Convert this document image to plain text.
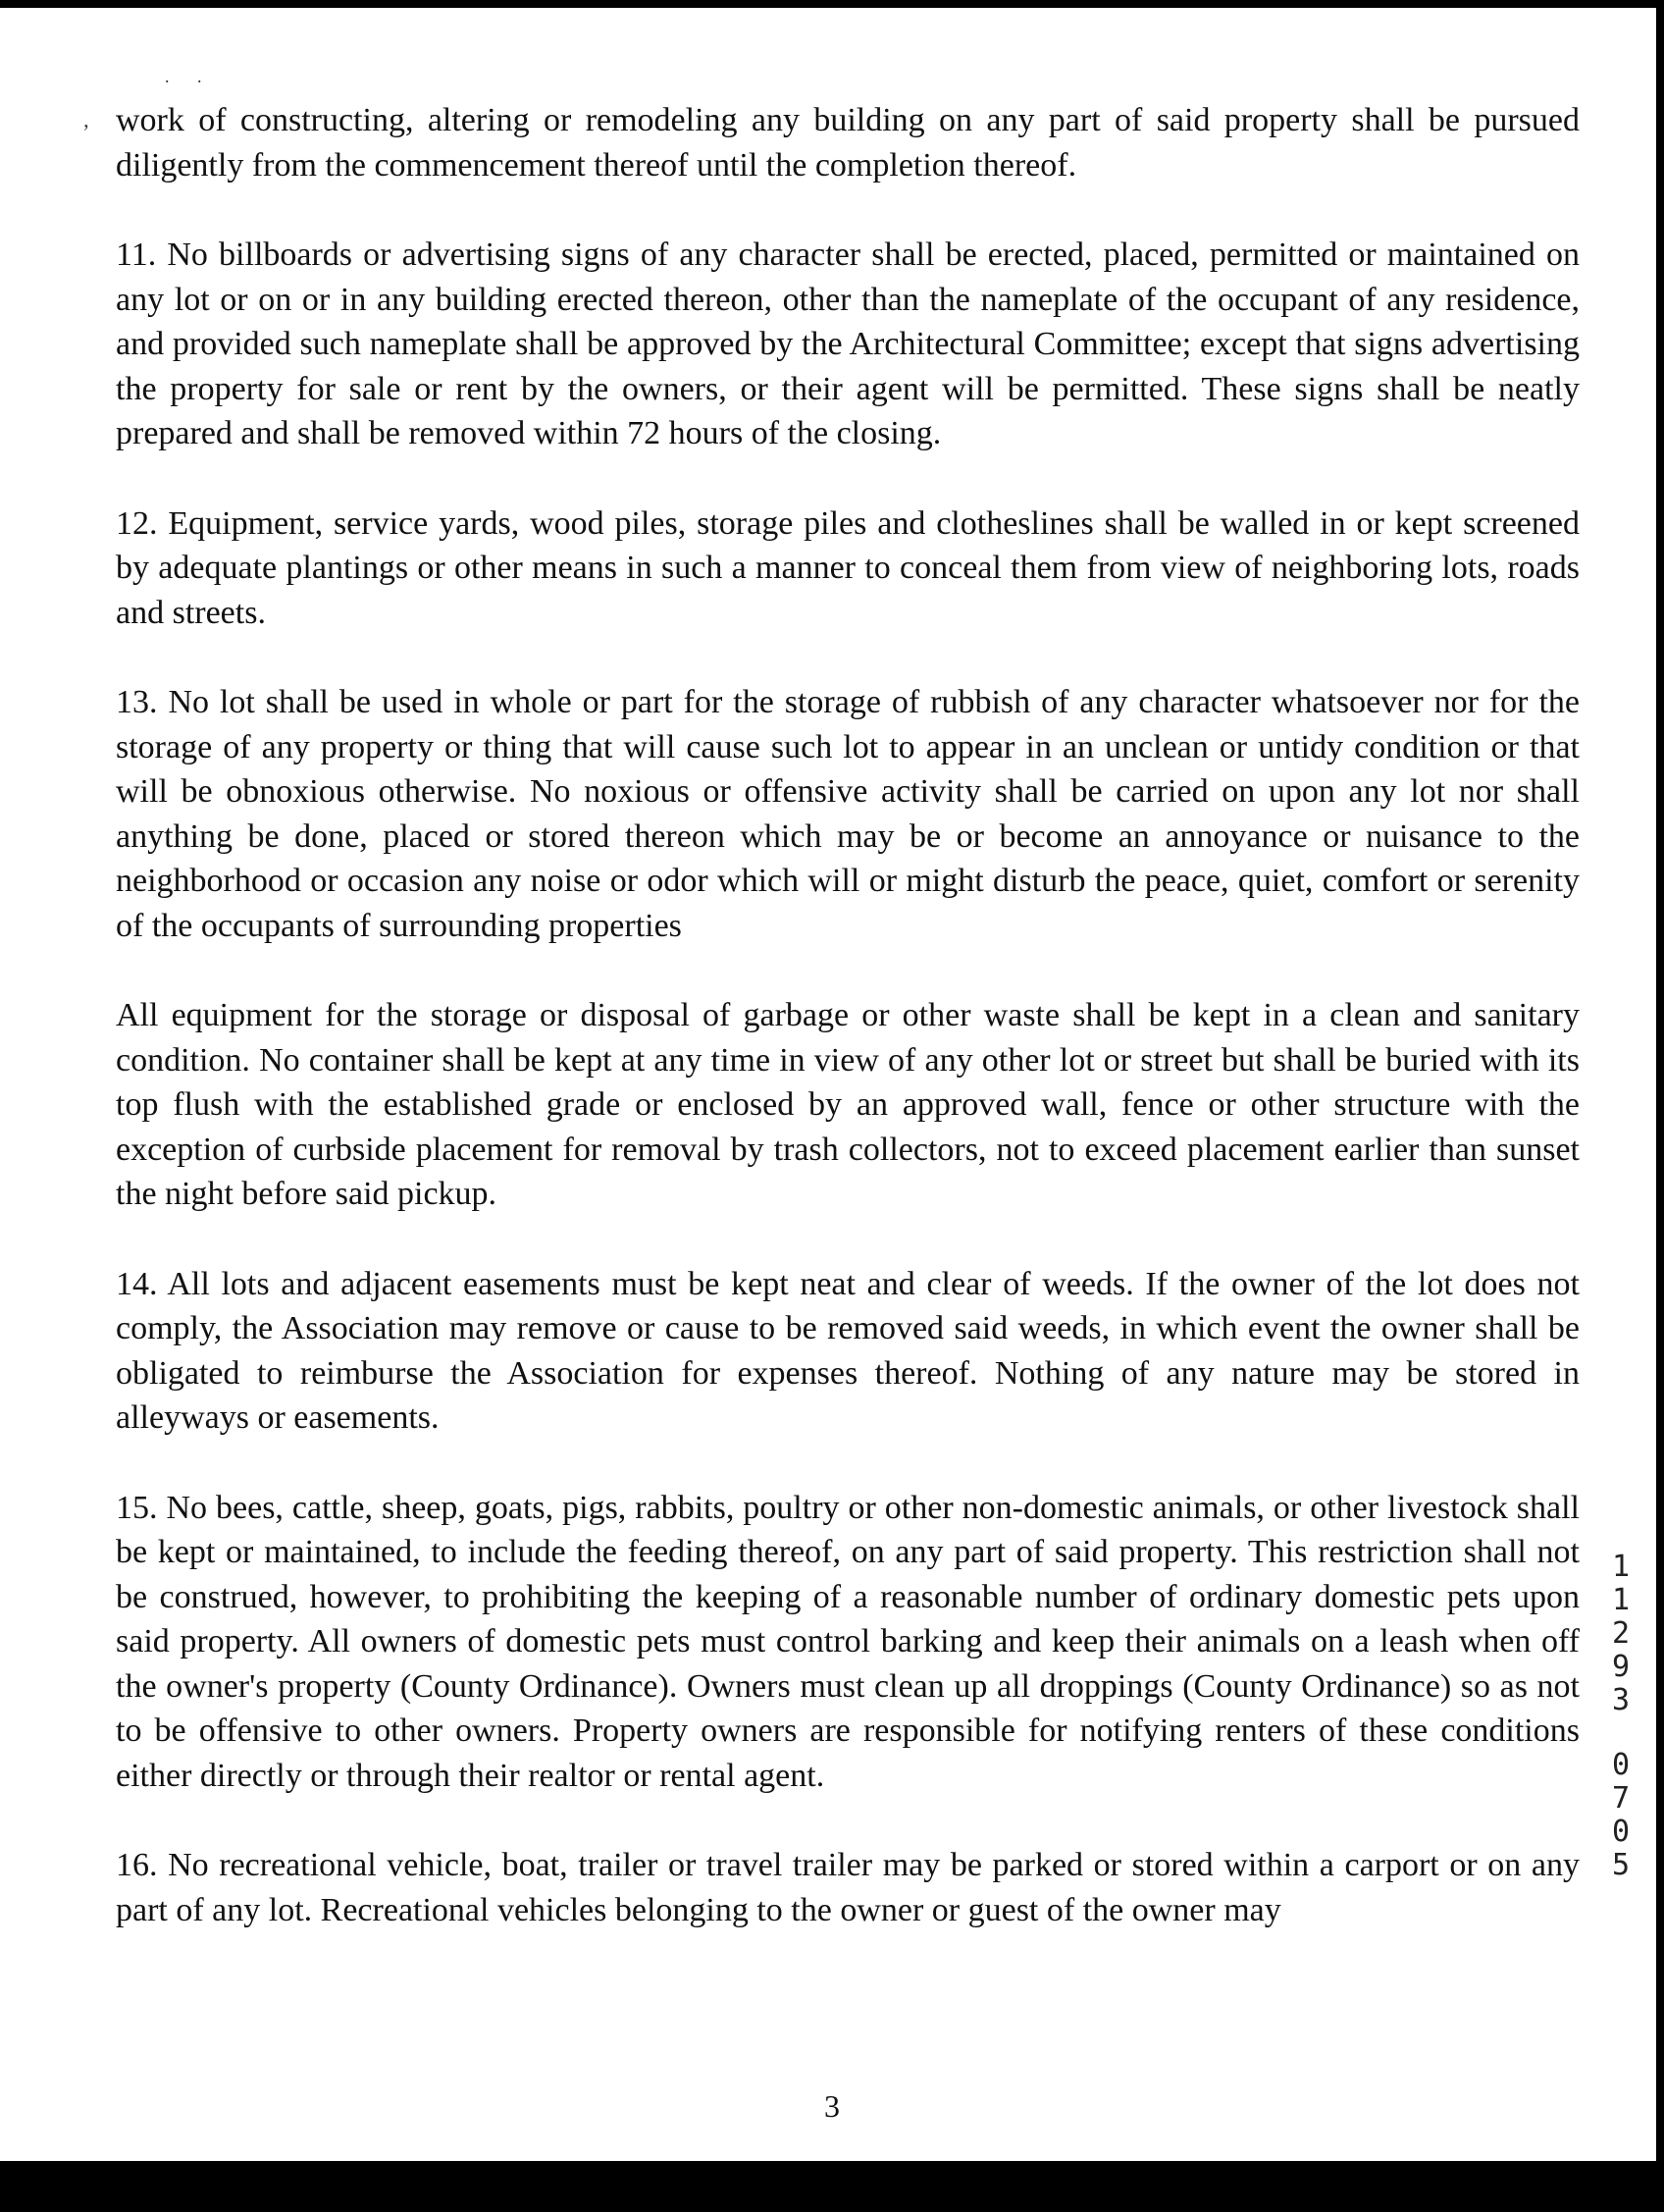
. .
ʼ work of constructing, altering or remodeling any building on any part of said property shall be pursued diligently from the commencement thereof until the completion thereof.

11. No billboards or advertising signs of any character shall be erected, placed, permitted or maintained on any lot or on or in any building erected thereon, other than the nameplate of the occupant of any residence, and provided such nameplate shall be approved by the Architectural Committee; except that signs advertising the property for sale or rent by the owners, or their agent will be permitted. These signs shall be neatly prepared and shall be removed within 72 hours of the closing.

12. Equipment, service yards, wood piles, storage piles and clotheslines shall be walled in or kept screened by adequate plantings or other means in such a manner to conceal them from view of neighboring lots, roads and streets.

13. No lot shall be used in whole or part for the storage of rubbish of any character whatsoever nor for the storage of any property or thing that will cause such lot to appear in an unclean or untidy condition or that will be obnoxious otherwise. No noxious or offensive activity shall be carried on upon any lot nor shall anything be done, placed or stored thereon which may be or become an annoyance or nuisance to the neighborhood or occasion any noise or odor which will or might disturb the peace, quiet, comfort or serenity of the occupants of surrounding properties

All equipment for the storage or disposal of garbage or other waste shall be kept in a clean and sanitary condition. No container shall be kept at any time in view of any other lot or street but shall be buried with its top flush with the established grade or enclosed by an approved wall, fence or other structure with the exception of curbside placement for removal by trash collectors, not to exceed placement earlier than sunset the night before said pickup.

14. All lots and adjacent easements must be kept neat and clear of weeds. If the owner of the lot does not comply, the Association may remove or cause to be removed said weeds, in which event the owner shall be obligated to reimburse the Association for expenses thereof. Nothing of any nature may be stored in alleyways or easements.

15. No bees, cattle, sheep, goats, pigs, rabbits, poultry or other non-domestic animals, or other livestock shall be kept or maintained, to include the feeding thereof, on any part of said property. This restriction shall not be construed, however, to prohibiting the keeping of a reasonable number of ordinary domestic pets upon said property. All owners of domestic pets must control barking and keep their animals on a leash when off the owner's property (County Ordinance). Owners must clean up all droppings (County Ordinance) so as not to be offensive to other owners. Property owners are responsible for notifying renters of these conditions either directly or through their realtor or rental agent.

16. No recreational vehicle, boat, trailer or travel trailer may be parked or stored within a carport or on any part of any lot. Recreational vehicles belonging to the owner or guest of the owner may

1
1
2
9
3
0
7
0
5
3
